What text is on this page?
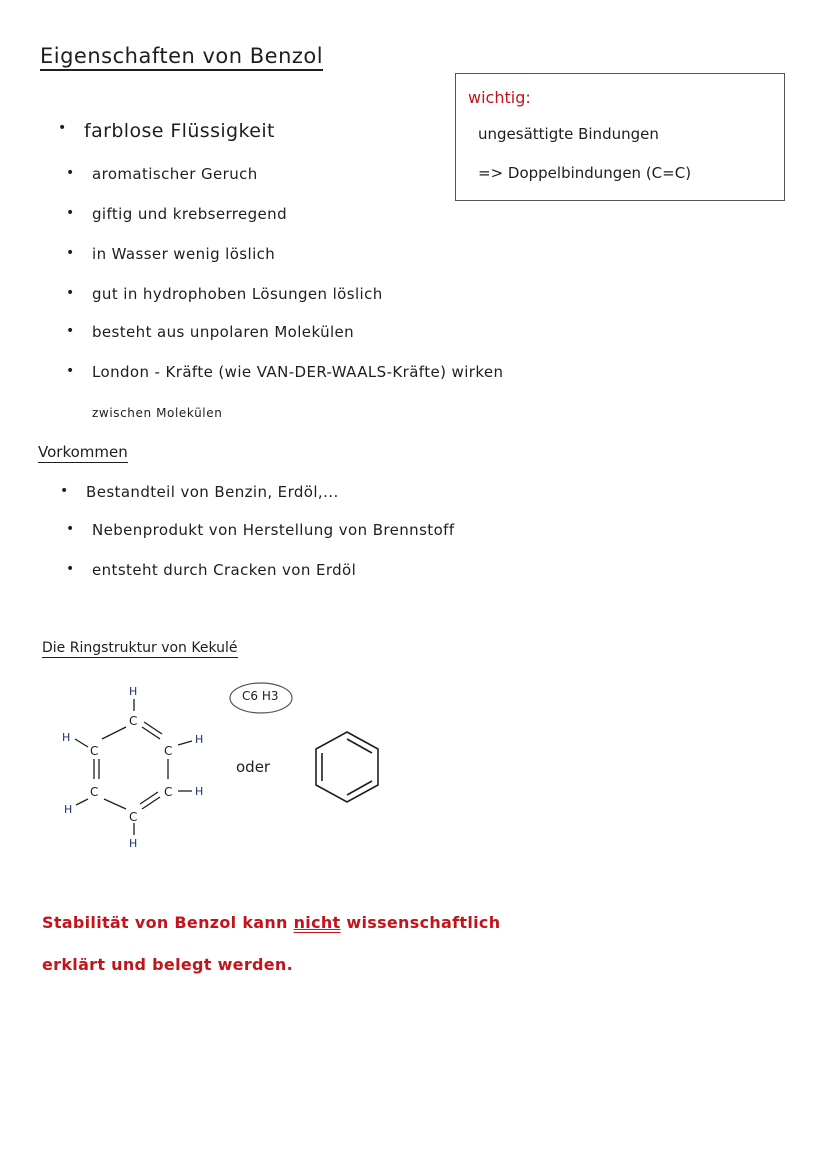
Eigenschaften von Benzol
wichtig:
ungesättigte Bindungen
=> Doppelbindungen (C=C)
• farblose Flüssigkeit
• aromatischer Geruch
• giftig und krebserregend
• in Wasser wenig löslich
• gut in hydrophoben Lösungen löslich
• besteht aus unpolaren Molekülen
• London - Kräfte (wie VAN-DER-WAALS-Kräfte) wirken
zwischen Molekülen
Vorkommen
• Bestandteil von Benzin, Erdöl,...
• Nebenprodukt von Herstellung von Brennstoff
• entsteht durch Cracken von Erdöl
Die Ringstruktur von Kekulé
C
C	C
C	C
C
H
H	H
H
H
H
C6 H3
oder
Stabilität von Benzol kann nicht wissenschaftlich
erklärt und belegt werden.
